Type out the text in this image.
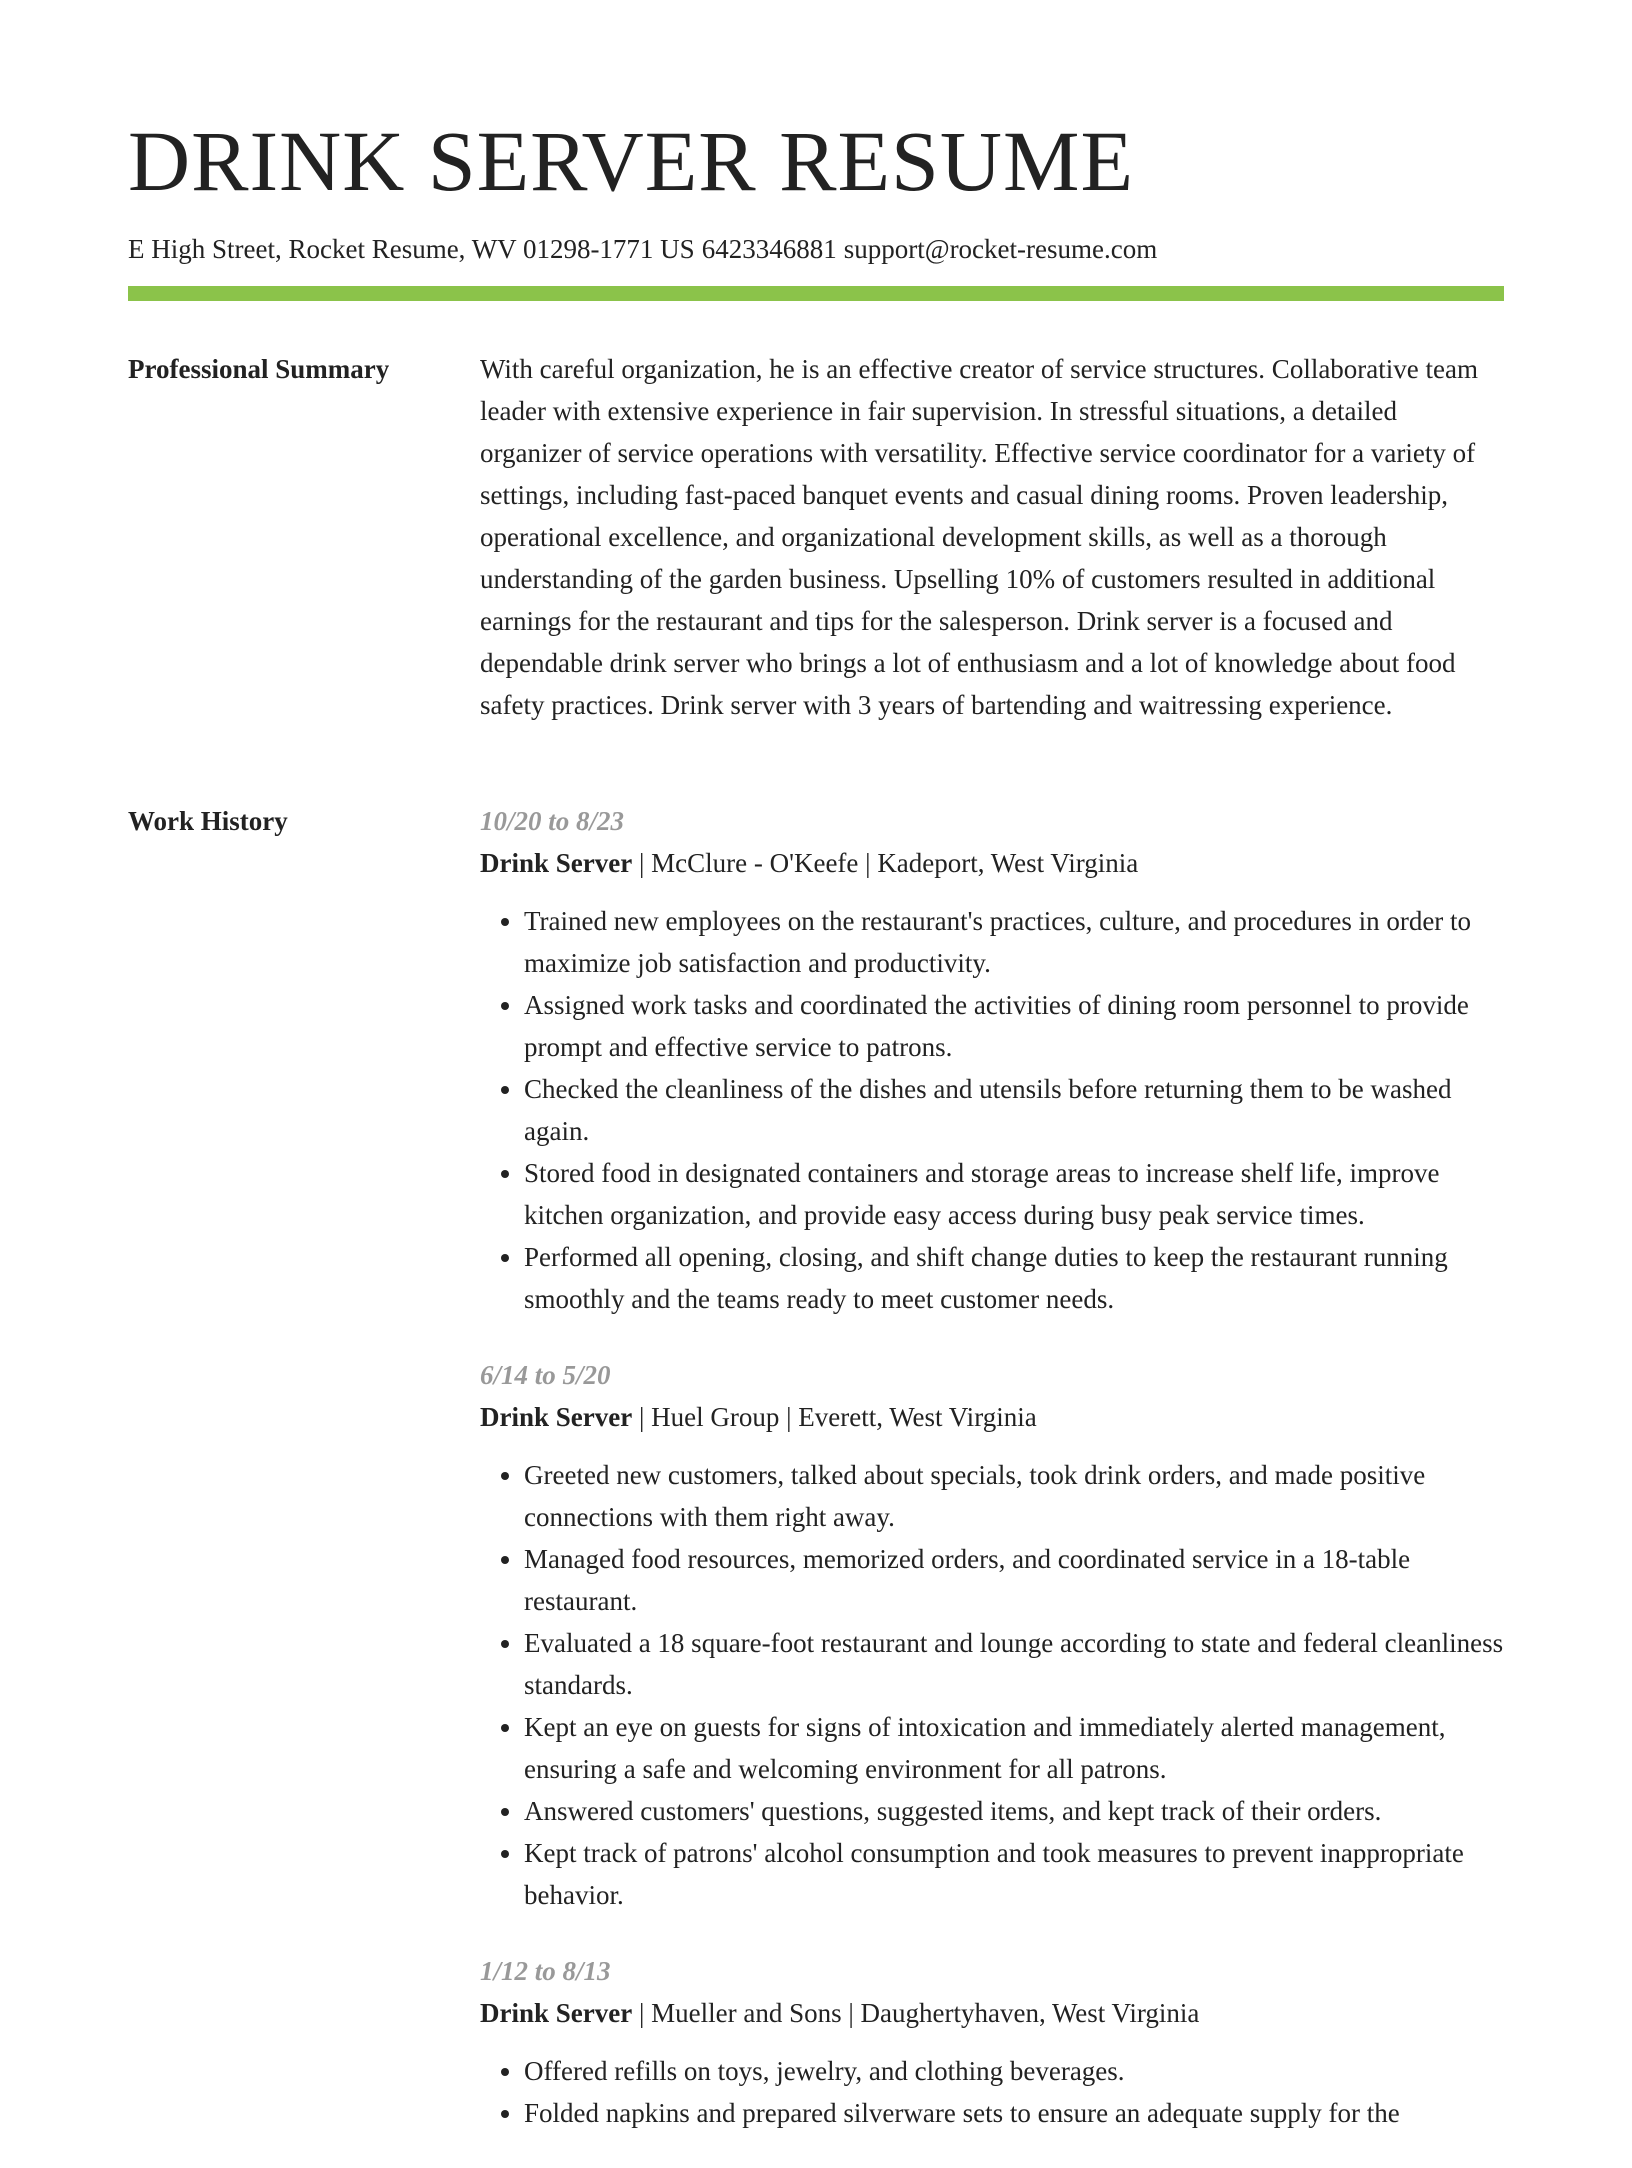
DRINK SERVER RESUME
E High Street, Rocket Resume, WV 01298-1771 US 6423346881 support@rocket-resume.com
Professional Summary	With careful organization, he is an effective creator of service structures. Collaborative team leader with extensive experience in fair supervision. In stressful situations, a detailed organizer of service operations with versatility. Effective service coordinator for a variety of settings, including fast-paced banquet events and casual dining rooms. Proven leadership, operational excellence, and organizational development skills, as well as a thorough understanding of the garden business. Upselling 10% of customers resulted in additional earnings for the restaurant and tips for the salesperson. Drink server is a focused and dependable drink server who brings a lot of enthusiasm and a lot of knowledge about food safety practices. Drink server with 3 years of bartending and waitressing experience.

Work History	10/20 to 8/23
Drink Server | McClure - O'Keefe | Kadeport, West Virginia
• Trained new employees on the restaurant's practices, culture, and procedures in order to maximize job satisfaction and productivity.
• Assigned work tasks and coordinated the activities of dining room personnel to provide prompt and effective service to patrons.
• Checked the cleanliness of the dishes and utensils before returning them to be washed again.
• Stored food in designated containers and storage areas to increase shelf life, improve kitchen organization, and provide easy access during busy peak service times.
• Performed all opening, closing, and shift change duties to keep the restaurant running smoothly and the teams ready to meet customer needs.
6/14 to 5/20
Drink Server | Huel Group | Everett, West Virginia
• Greeted new customers, talked about specials, took drink orders, and made positive connections with them right away.
• Managed food resources, memorized orders, and coordinated service in a 18-table restaurant.
• Evaluated a 18 square-foot restaurant and lounge according to state and federal cleanliness standards.
• Kept an eye on guests for signs of intoxication and immediately alerted management, ensuring a safe and welcoming environment for all patrons.
• Answered customers' questions, suggested items, and kept track of their orders.
• Kept track of patrons' alcohol consumption and took measures to prevent inappropriate behavior.
1/12 to 8/13
Drink Server | Mueller and Sons | Daughertyhaven, West Virginia
• Offered refills on toys, jewelry, and clothing beverages.
• Folded napkins and prepared silverware sets to ensure an adequate supply for the
